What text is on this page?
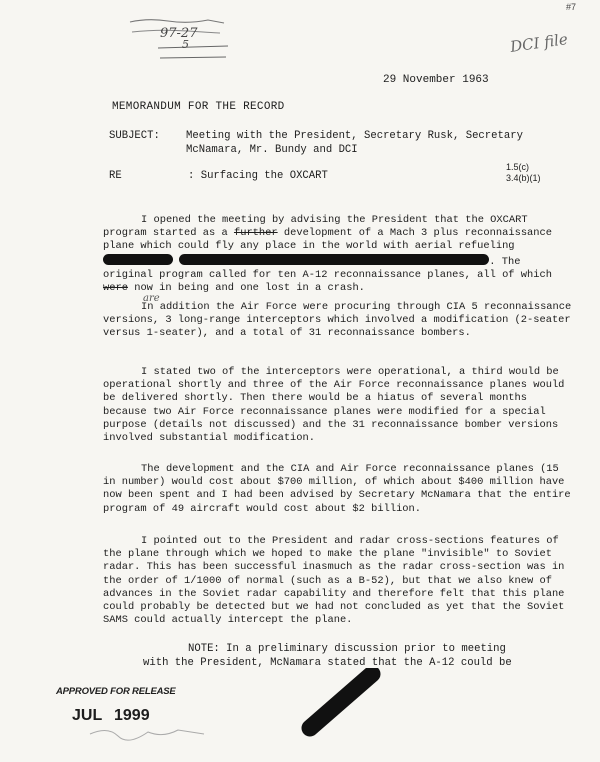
97-27
5
#7
DCI file
29 November 1963
MEMORANDUM FOR THE RECORD
SUBJECT: Meeting with the President, Secretary Rusk, Secretary
McNamara, Mr. Bundy and DCI
1.5(c)
3.4(b)(1)
RE	: Surfacing the OXCART

I opened the meeting by advising the President that the OXCART program started as a further development of a Mach 3 plus reconnaissance plane which could fly any place in the world with aerial refueling  . The original program called for ten A-12 reconnaissance planes, all of which were
are
now in being and one lost in a crash.

In addition the Air Force were procuring through CIA 5 reconnaissance versions, 3 long-range interceptors which involved a modification (2-seater versus 1-seater), and a total of 31 reconnaissance bombers.

I stated two of the interceptors were operational, a third would be operational shortly and three of the Air Force reconnaissance planes would be delivered shortly. Then there would be a hiatus of several months because two Air Force reconnaissance planes were modified for a special purpose (details not discussed) and the 31 reconnaissance bomber versions involved substantial modification.

The development and the CIA and Air Force reconnaissance planes (15 in number) would cost about $700 million, of which about $400 million have now been spent and I had been advised by Secretary McNamara that the entire program of 49 aircraft would cost about $2 billion.

I pointed out to the President and radar cross-sections features of the plane through which we hoped to make the plane "invisible" to Soviet radar. This has been successful inasmuch as the radar cross-section was in the order of 1/1000 of normal (such as a B-52), but that we also knew of advances in the Soviet radar capability and therefore felt that this plane could probably be detected but we had not concluded as yet that the Soviet SAMS could actually intercept the plane.

NOTE: In a preliminary discussion prior to meeting
with the President, McNamara stated that the A-12 could be
APPROVED FOR RELEASE
JUL 1999
